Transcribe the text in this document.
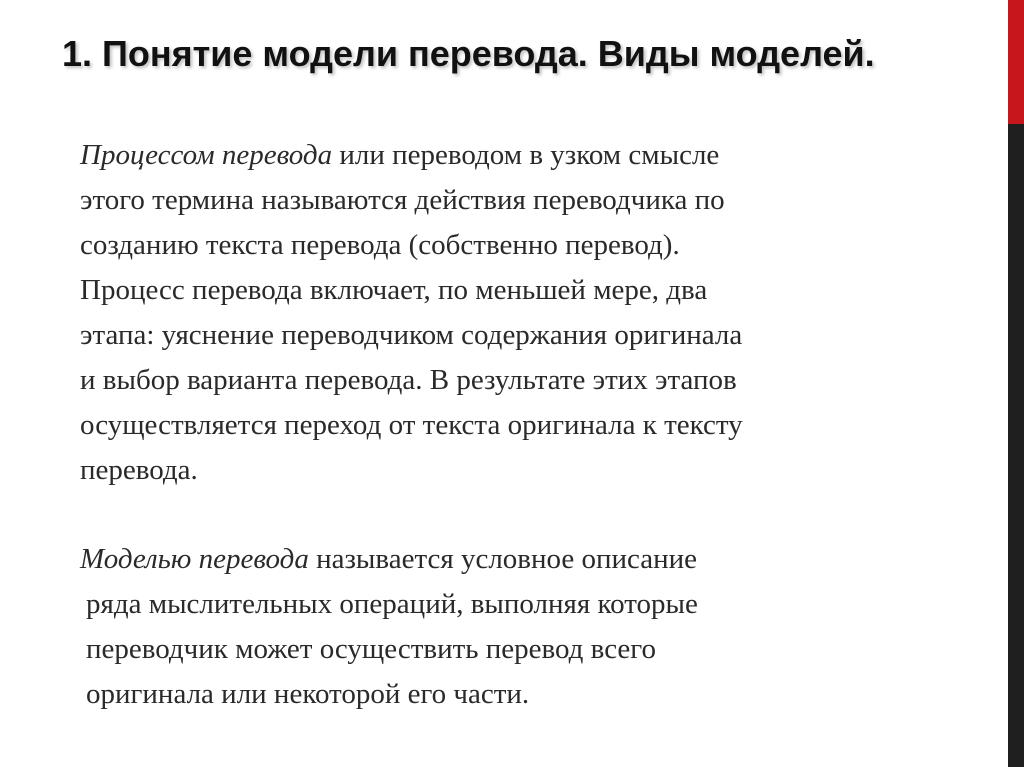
1. Понятие модели перевода. Виды моделей.

Процессом перевода или переводом в узком смысле
этого термина называются действия переводчика по
созданию текста перевода (собственно перевод).
Процесс перевода включает, по меньшей мере, два
этапа: уяснение переводчиком содержания оригинала
и выбор варианта перевода. В результате этих этапов
осуществляется переход от текста оригинала к тексту
перевода.

Моделью перевода называется условное описание
ряда мыслительных операций, выполняя которые
переводчик может осуществить перевод всего
оригинала или некоторой его части.
